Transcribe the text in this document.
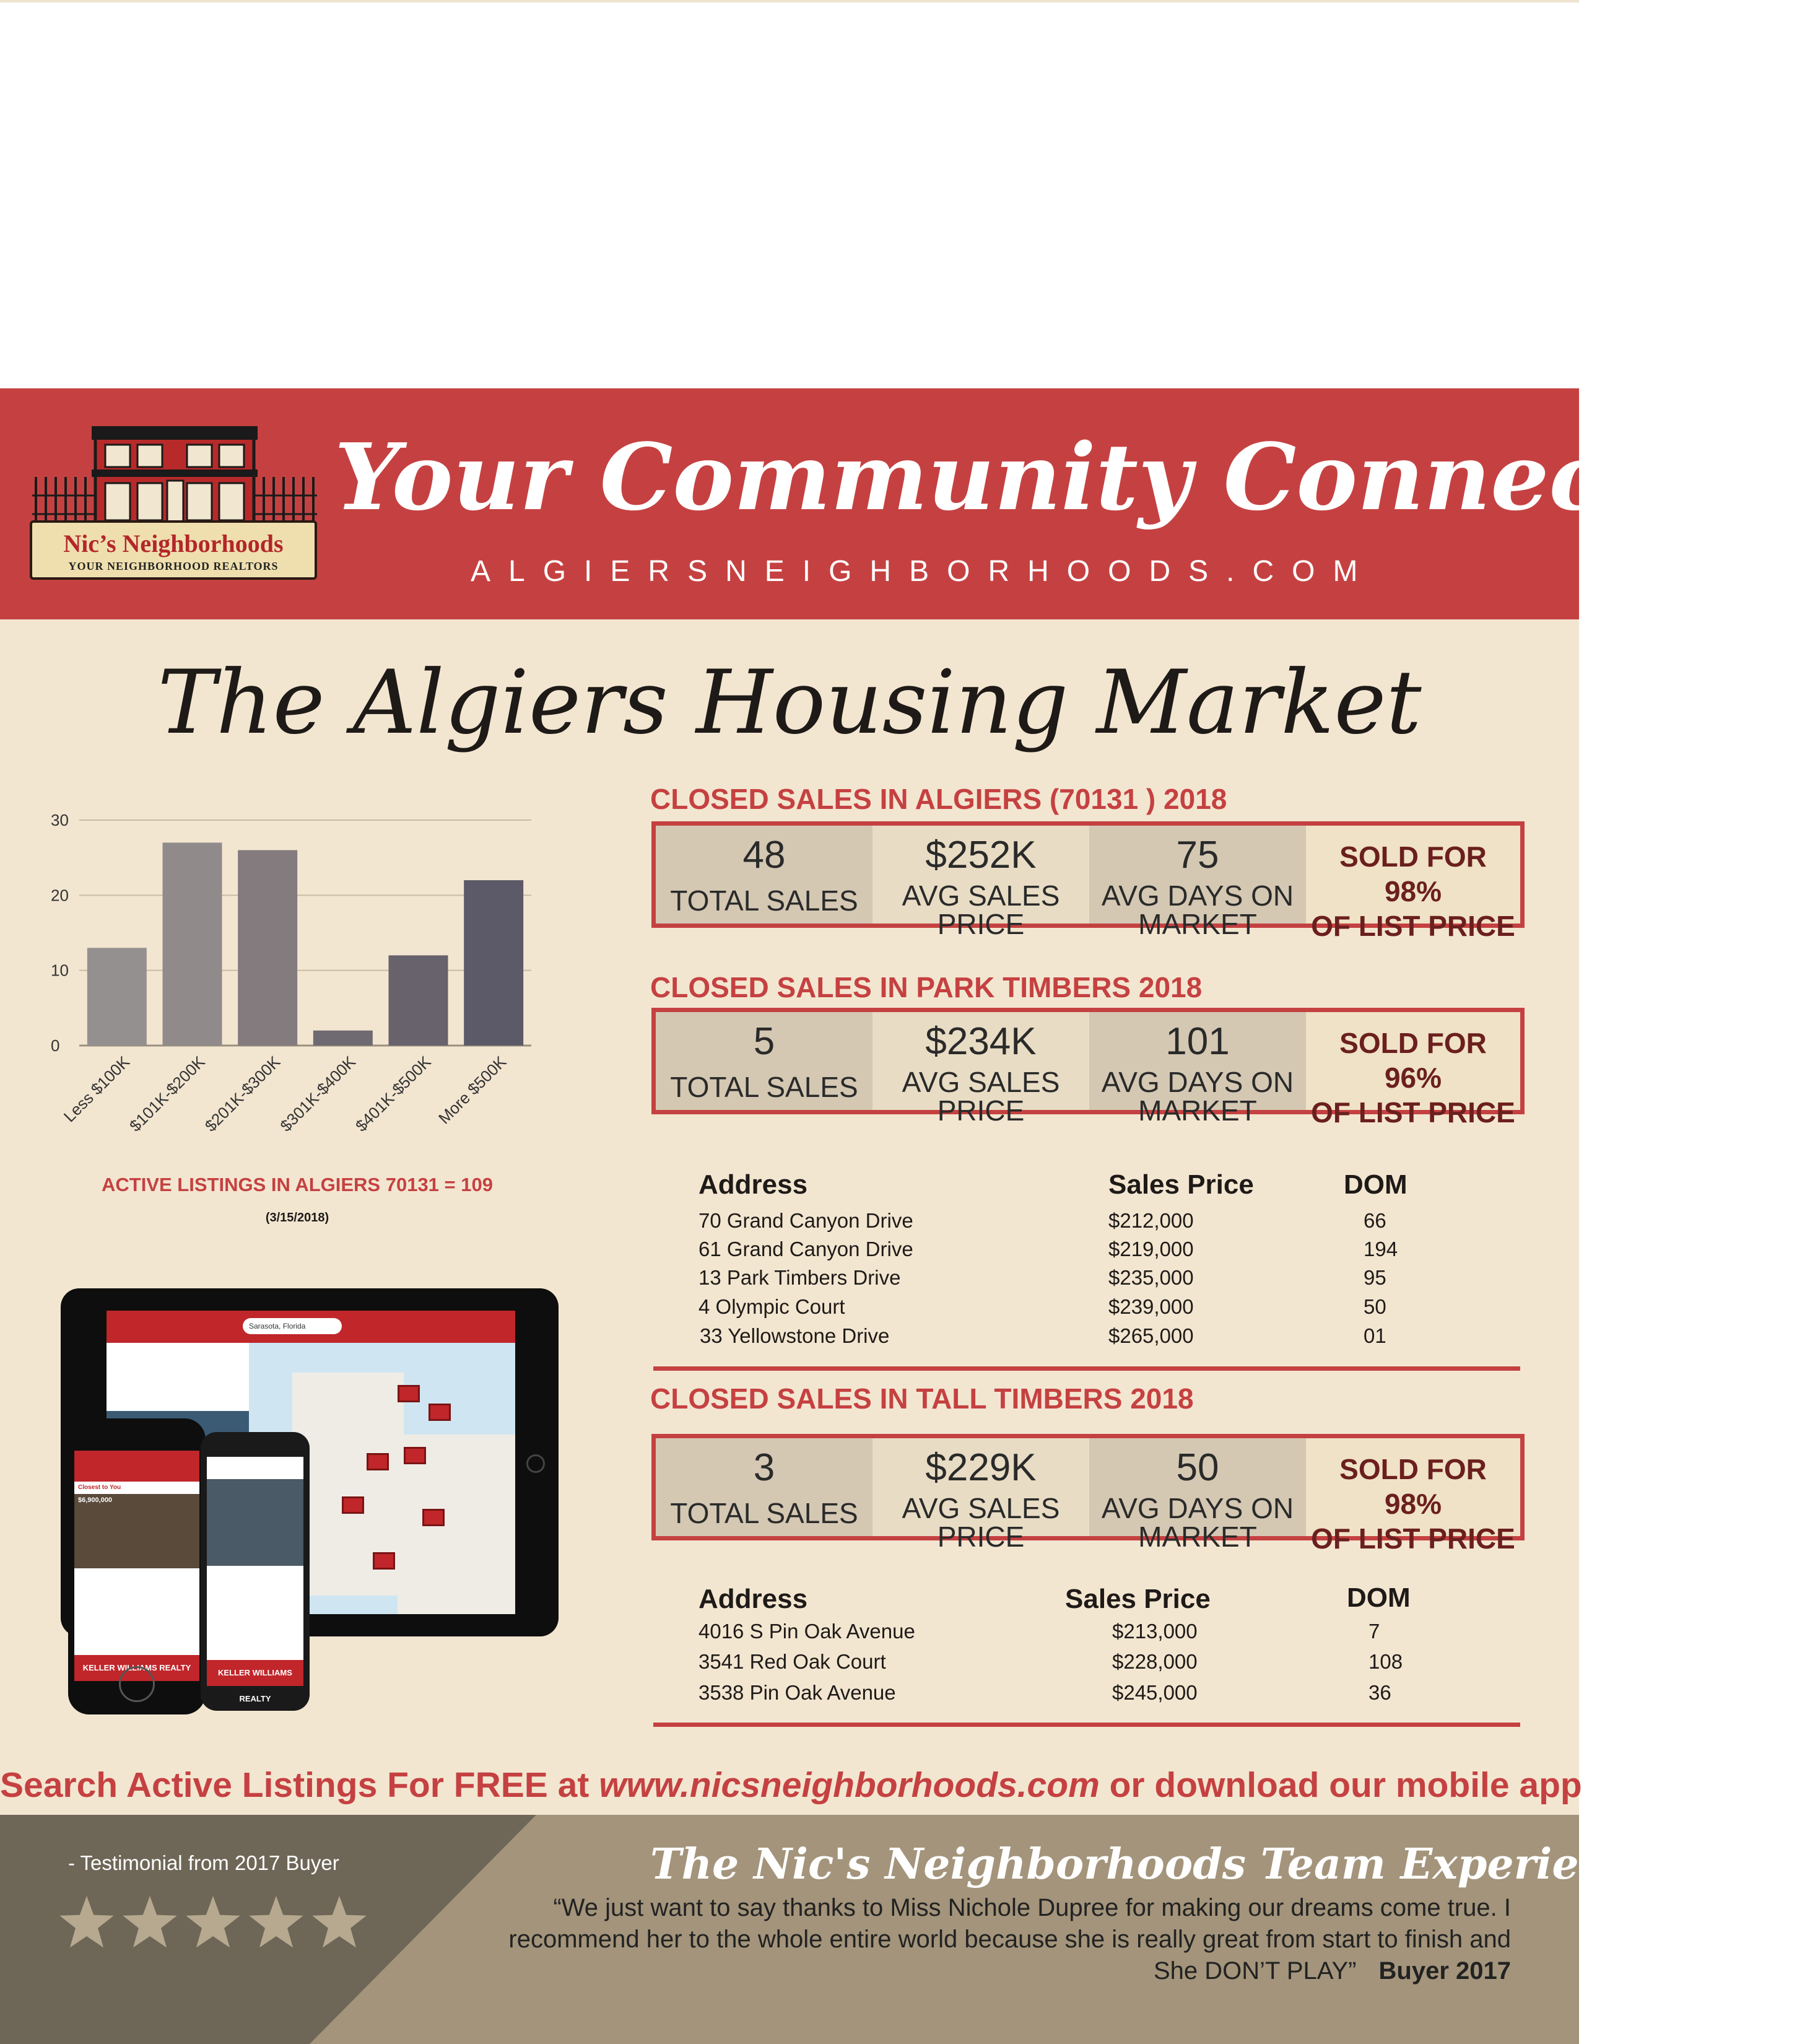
Nic’s Neighborhoods
YOUR NEIGHBORHOOD REALTORS
Your Community Connection
ALGIERSNEIGHBORHOODS.COM
The Algiers Housing Market
0
10
20
30
Less $100K
$101K-$200K
$201K-$300K
$301K-$400K
$401K-$500K More $500K
ACTIVE LISTINGS IN ALGIERS 70131 = 109
(3/15/2018)
Sarasota, Florida
Closest to You
$6,900,000
KELLER WILLIAMS REALTY
KELLER WILLIAMS REALTY
CLOSED SALES IN ALGIERS (70131 ) 2018
48
TOTAL SALES
$252K
AVG SALES PRICE
75
AVG DAYS ON MARKET
SOLD FOR
98%
OF LIST PRICE
CLOSED SALES IN PARK TIMBERS 2018
5
TOTAL SALES
$234K
AVG SALES PRICE
101
AVG DAYS ON MARKET
SOLD FOR
96%
OF LIST PRICE
Address	Sales Price	DOM
70 Grand Canyon Drive	$212,000	66
61 Grand Canyon Drive	$219,000	194
13 Park Timbers Drive	$235,000	95
4 Olympic Court	$239,000	50
33 Yellowstone Drive	$265,000	01
CLOSED SALES IN TALL TIMBERS 2018
3
TOTAL SALES
$229K
AVG SALES PRICE
50
AVG DAYS ON MARKET
SOLD FOR
98%
OF LIST PRICE
Address	Sales Price	DOM
4016 S Pin Oak Avenue	$213,000	7
3541 Red Oak Court	$228,000	108
3538 Pin Oak Avenue	$245,000	36
Search Active Listings For FREE at www.nicsneighborhoods.com or download our mobile app
- Testimonial from 2017 Buyer	The Nic's Neighborhoods Team Experience
“We just want to say thanks to Miss Nichole Dupree for making our dreams come true. I recommend her to the whole entire world because she is really great from start to finish and She DON’T PLAY” Buyer 2017
